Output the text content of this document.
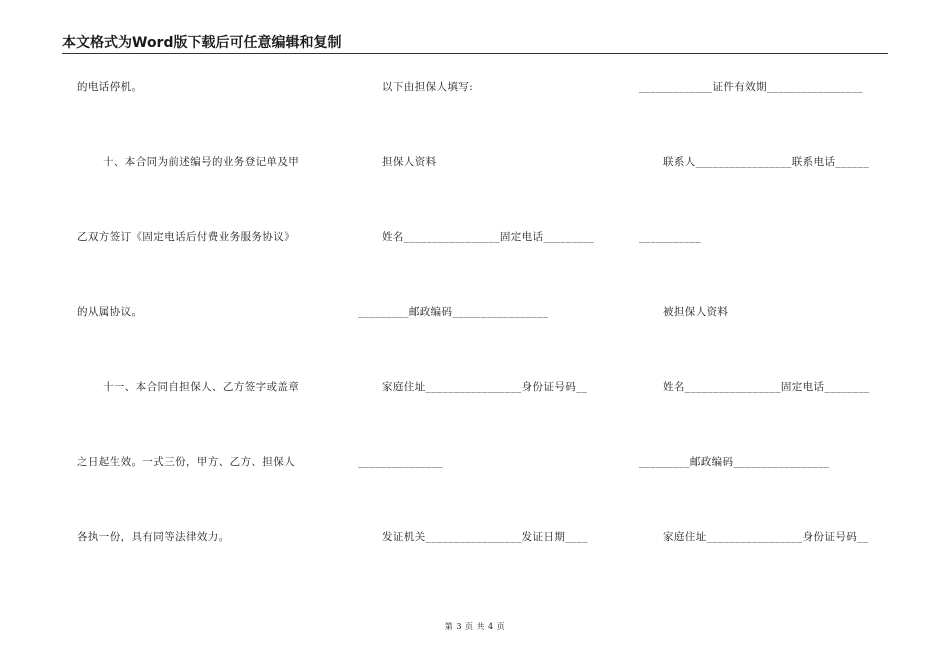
本文格式为Word版下载后可任意编辑和复制
的电话停机。
十、本合同为前述编号的业务登记单及甲
乙双方签订《固定电话后付费业务服务协议》
的从属协议。
十一、本合同自担保人、乙方签字或盖章
之日起生效。一式三份，甲方、乙方、担保人
各执一份，具有同等法律效力。
以下由担保人填写:
担保人资料
姓名_________________固定电话_________
_________邮政编码_________________
家庭住址_________________身份证号码__
_______________
发证机关_________________发证日期____
_____________证件有效期_________________
联系人_________________联系电话______
___________
被担保人资料
姓名_________________固定电话________
_________邮政编码_________________
家庭住址_________________身份证号码__
第 3 页 共 4 页
